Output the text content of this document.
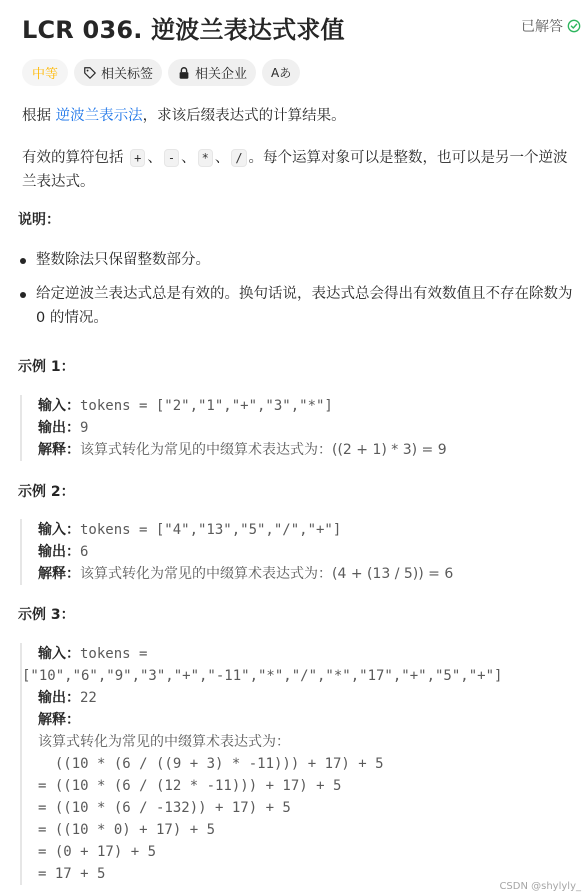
LCR 036. 逆波兰表达式求值	已解答
中等	相关标签	相关企业 Aあ

根据 逆波兰表示法，求该后缀表达式的计算结果。

有效的算符包括 + 、 - 、 * 、 / 。每个运算对象可以是整数，也可以是另一个逆波兰表达式。

说明：
整数除法只保留整数部分。
给定逆波兰表达式总是有效的。换句话说，表达式总会得出有效数值且不存在除数为 0 的情况。
示例 1：
输入：tokens = ["2","1","+","3","*"]
输出：9
解释：该算式转化为常见的中缀算术表达式为：((2 + 1) * 3) = 9
示例 2：
输入：tokens = ["4","13","5","/","+"]
输出：6
解释：该算式转化为常见的中缀算术表达式为：(4 + (13 / 5)) = 6
示例 3：
输入：tokens =
["10","6","9","3","+","-11","*","/","*","17","+","5","+"]
输出：22
解释：
该算式转化为常见的中缀算术表达式为：
((10 * (6 / ((9 + 3) * -11))) + 17) + 5
= ((10 * (6 / (12 * -11))) + 17) + 5
= ((10 * (6 / -132)) + 17) + 5
= ((10 * 0) + 17) + 5
= (0 + 17) + 5
= 17 + 5
CSDN @shylyly_
